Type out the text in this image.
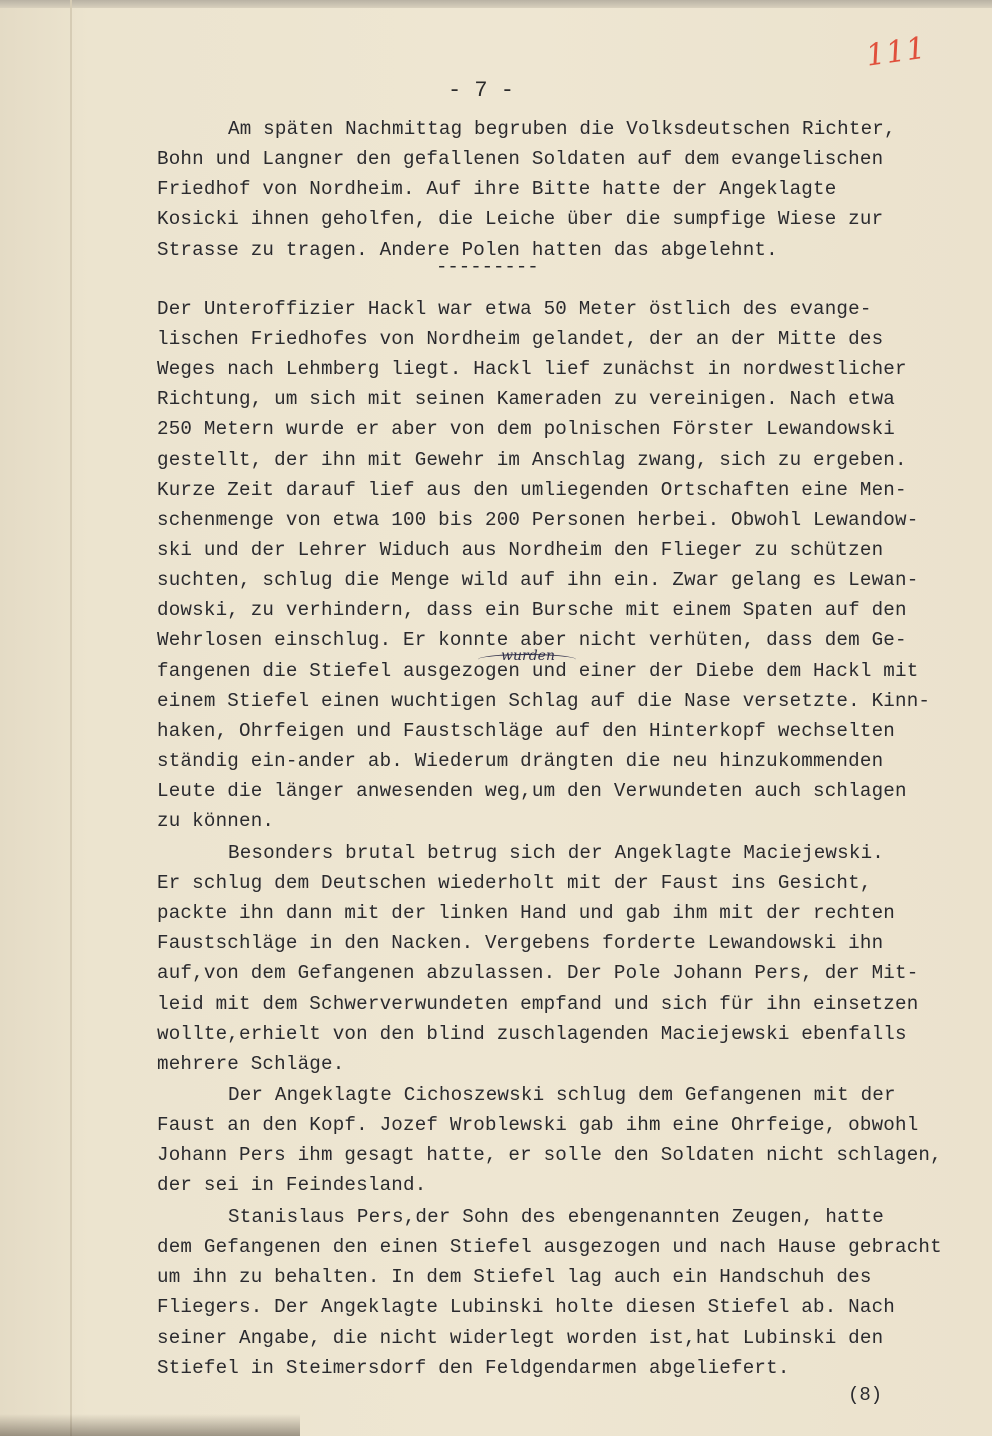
111
- 7 -
Am späten Nachmittag begruben die Volksdeutschen Richter,
Bohn und Langner den gefallenen Soldaten auf dem evangelischen
Friedhof von Nordheim. Auf ihre Bitte hatte der Angeklagte
Kosicki ihnen geholfen, die Leiche über die sumpfige Wiese zur
Strasse zu tragen. Andere Polen hatten das abgelehnt.
---------
Der Unteroffizier Hackl war etwa 50 Meter östlich des evange-
lischen Friedhofes von Nordheim gelandet, der an der Mitte des
Weges nach Lehmberg liegt. Hackl lief zunächst in nordwestlicher
Richtung, um sich mit seinen Kameraden zu vereinigen. Nach etwa
250 Metern wurde er aber von dem polnischen Förster Lewandowski
gestellt, der ihn mit Gewehr im Anschlag zwang, sich zu ergeben.
Kurze Zeit darauf lief aus den umliegenden Ortschaften eine Men-
schenmenge von etwa 100 bis 200 Personen herbei. Obwohl Lewandow-
ski und der Lehrer Widuch aus Nordheim den Flieger zu schützen
suchten, schlug die Menge wild auf ihn ein. Zwar gelang es Lewan-
dowski, zu verhindern, dass ein Bursche mit einem Spaten auf den
Wehrlosen einschlug. Er konnte aber nicht verhüten, dass dem Ge-
wurden
fangenen die Stiefel ausgezogen und einer der Diebe dem Hackl mit
einem Stiefel einen wuchtigen Schlag auf die Nase versetzte. Kinn-
haken, Ohrfeigen und Faustschläge auf den Hinterkopf wechselten
ständig ein-ander ab. Wiederum drängten die neu hinzukommenden
Leute die länger anwesenden weg,um den Verwundeten auch schlagen
zu können.
Besonders brutal betrug sich der Angeklagte Maciejewski.
Er schlug dem Deutschen wiederholt mit der Faust ins Gesicht,
packte ihn dann mit der linken Hand und gab ihm mit der rechten
Faustschläge in den Nacken. Vergebens forderte Lewandowski ihn
auf,von dem Gefangenen abzulassen. Der Pole Johann Pers, der Mit-
leid mit dem Schwerverwundeten empfand und sich für ihn einsetzen
wollte,erhielt von den blind zuschlagenden Maciejewski ebenfalls
mehrere Schläge.
Der Angeklagte Cichoszewski schlug dem Gefangenen mit der
Faust an den Kopf. Jozef Wroblewski gab ihm eine Ohrfeige, obwohl
Johann Pers ihm gesagt hatte, er solle den Soldaten nicht schlagen,
der sei in Feindesland.
Stanislaus Pers,der Sohn des ebengenannten Zeugen, hatte
dem Gefangenen den einen Stiefel ausgezogen und nach Hause gebracht
um ihn zu behalten. In dem Stiefel lag auch ein Handschuh des
Fliegers. Der Angeklagte Lubinski holte diesen Stiefel ab. Nach
seiner Angabe, die nicht widerlegt worden ist,hat Lubinski den
Stiefel in Steimersdorf den Feldgendarmen abgeliefert.
(8)
